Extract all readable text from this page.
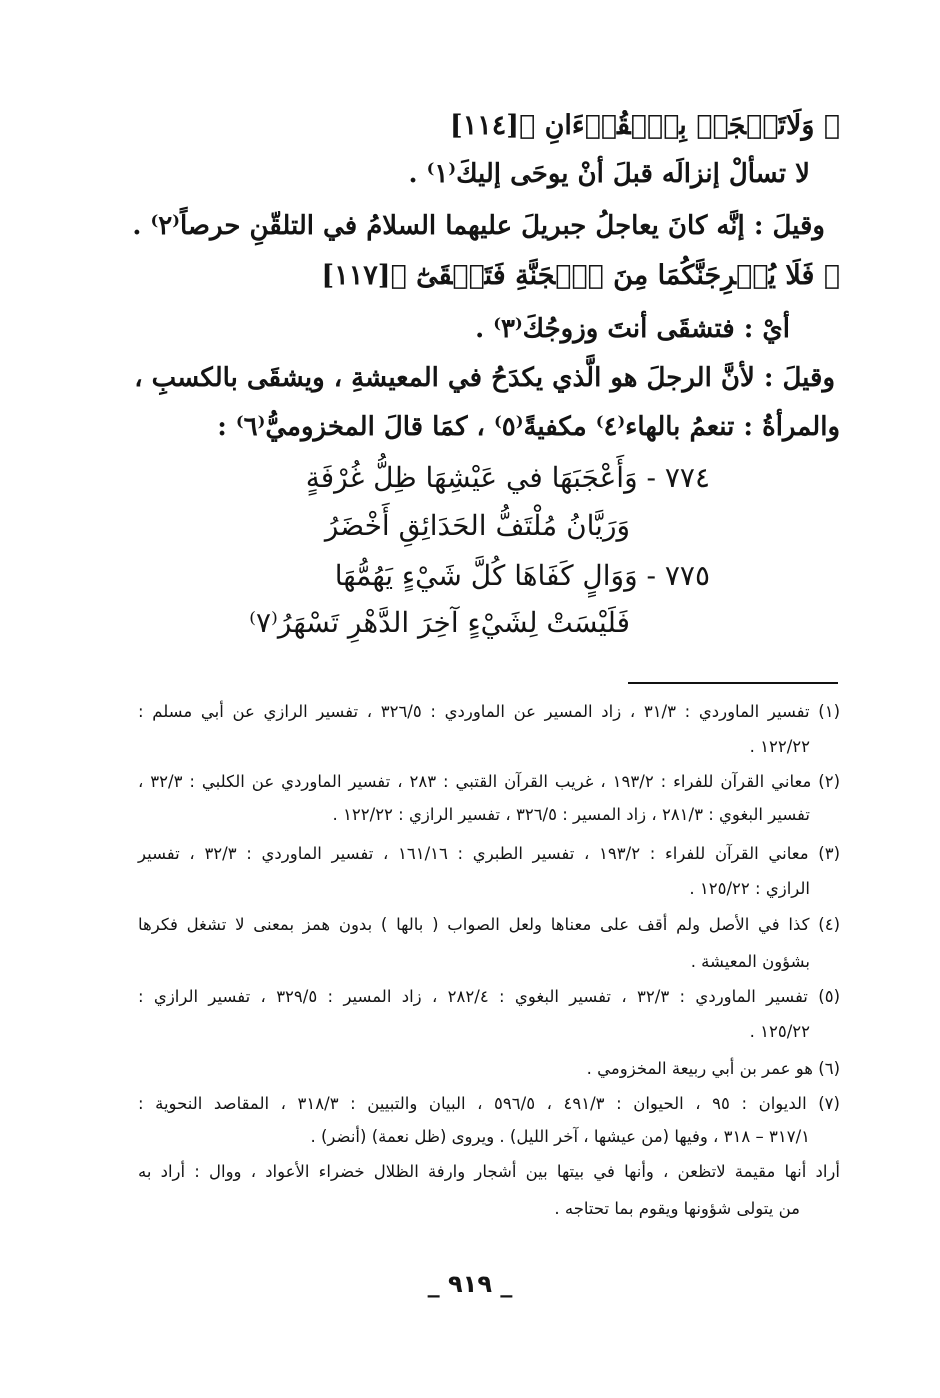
﴿ وَلَاتَعۡجَلۡ بِٱلۡقُرۡءَانِ ﴾[١١٤]
لا تسألْ إنزالَه قبلَ أنْ يوحَى إليكَ⁽١⁾ .
وقيلَ : إنَّه كانَ يعاجلُ جبريلَ عليهما السلامُ في التلقّنِ حرصاً⁽٢⁾ .
﴿ فَلَا يُخۡرِجَنَّكُمَا مِنَ ٱلۡجَنَّةِ فَتَشۡقَىٰٓ ﴾[١١٧]
أيْ : فتشقَى أنتَ وزوجُكَ⁽٣⁾ .
وقيلَ : لأنَّ الرجلَ هو الَّذي يكدَحُ في المعيشةِ ، ويشقَى بالكسبِ ،
والمرأةُ : تنعمُ بالهاء⁽٤⁾ مكفيةً⁽٥⁾ ، كمَا قالَ المخزوميُّ⁽٦⁾ :
٧٧٤ - وَأَعْجَبَهَا في عَيْشِهَا ظِلُّ غُرْفَةٍ
وَرَيَّانُ مُلْتَفُّ الحَدَائِقِ أَخْضَرُ
٧٧٥ - وَوَالٍ كَفَاهَا كُلَّ شَيْءٍ يَهُمُّهَا
فَلَيْسَتْ لِشَيْءٍ آخِرَ الدَّهْرِ تَسْهَرُ⁽٧⁾
(١) تفسير الماوردي : ٣١/٣ ، زاد المسير عن الماوردي : ٣٢٦/٥ ، تفسير الرازي عن أبي مسلم :
١٢٢/٢٢ .
(٢) معاني القرآن للفراء : ١٩٣/٢ ، غريب القرآن القتبي : ٢٨٣ ، تفسير الماوردي عن الكلبي : ٣٢/٣ ،
تفسير البغوي : ٢٨١/٣ ، زاد المسير : ٣٢٦/٥ ، تفسير الرازي : ١٢٢/٢٢ .
(٣) معاني القرآن للفراء : ١٩٣/٢ ، تفسير الطبري : ١٦١/١٦ ، تفسير الماوردي : ٣٢/٣ ، تفسير
الرازي : ١٢٥/٢٢ .
(٤) كذا في الأصل ولم أقف على معناها ولعل الصواب ( بالها ) بدون همز بمعنى لا تشغل فكرها
بشؤون المعيشة .
(٥) تفسير الماوردي : ٣٢/٣ ، تفسير البغوي : ٢٨٢/٤ ، زاد المسير : ٣٢٩/٥ ، تفسير الرازي :
١٢٥/٢٢ .
(٦) هو عمر بن أبي ربيعة المخزومي .
(٧) الديوان : ٩٥ ، الحيوان : ٤٩١/٣ ، ٥٩٦/٥ ، البيان والتبيين : ٣١٨/٣ ، المقاصد النحوية :
٣١٧/١ – ٣١٨ ، وفيها (من عيشها ، آخر الليل) . ويروى (ظل نعمة) (أنضر) .
أراد أنها مقيمة لاتظعن ، وأنها في بيتها بين أشجار وارفة الظلال خضراء الأعواد ، ووال : أراد به
من يتولى شؤونها ويقوم بما تحتاجه .
_ ٩١٩ _
